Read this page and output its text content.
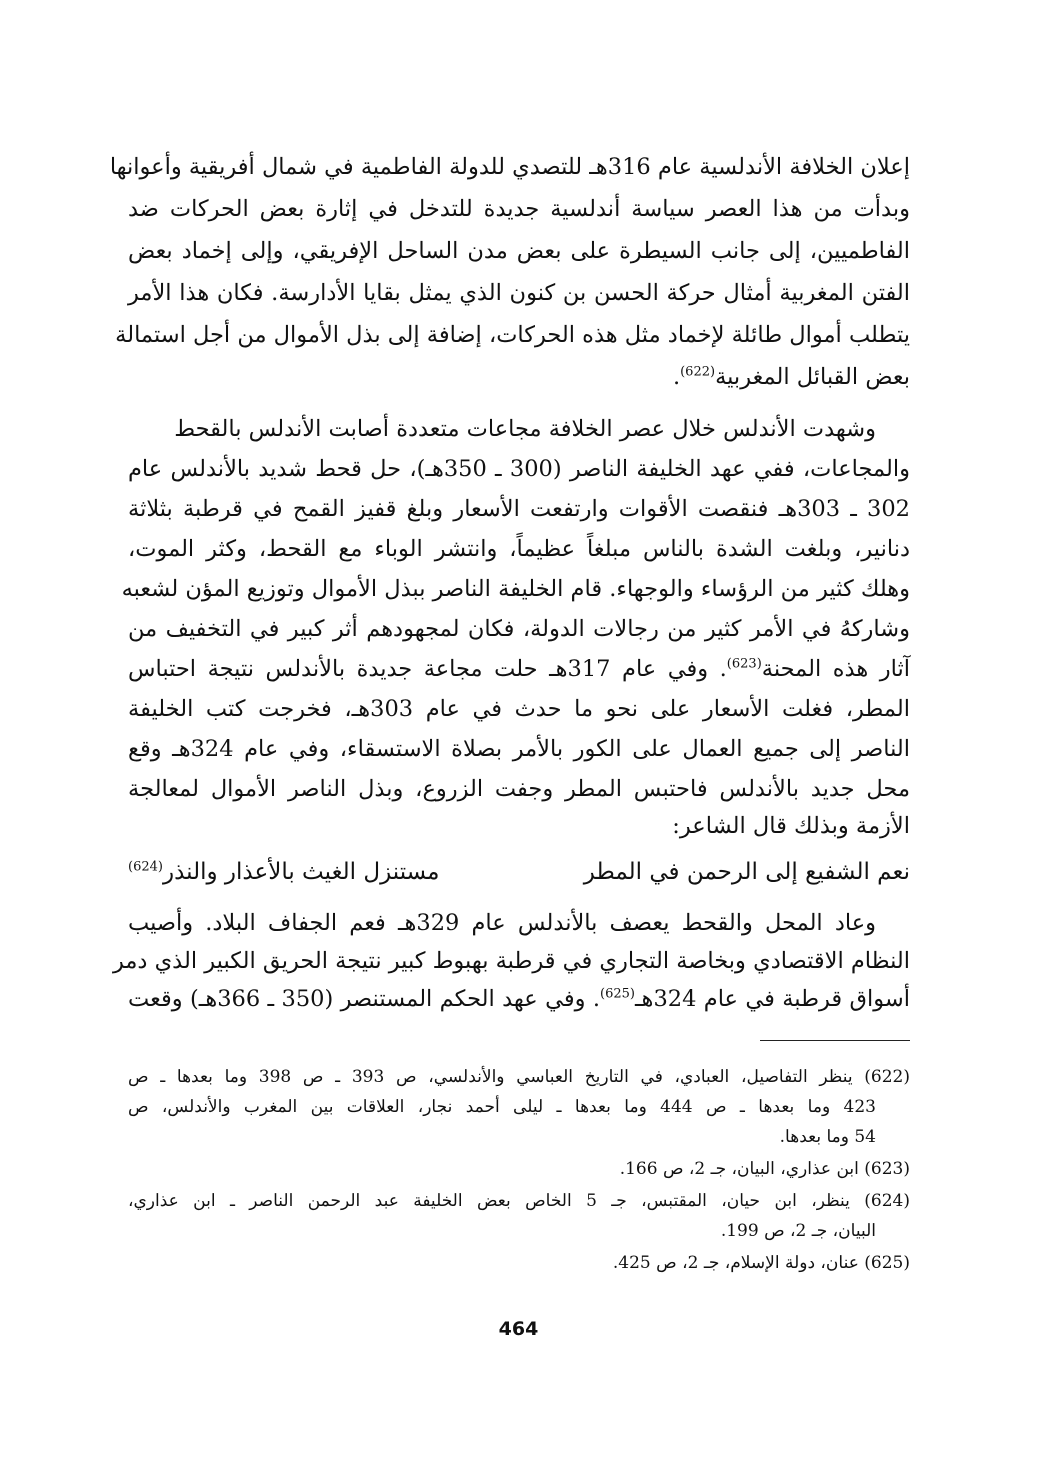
إعلان الخلافة الأندلسية عام 316هـ للتصدي للدولة الفاطمية في شمال أفريقية وأعوانها
وبدأت من هذا العصر سياسة أندلسية جديدة للتدخل في إثارة بعض الحركات ضد
الفاطميين، إلى جانب السيطرة على بعض مدن الساحل الإفريقي، وإلى إخماد بعض
الفتن المغربية أمثال حركة الحسن بن كنون الذي يمثل بقايا الأدارسة. فكان هذا الأمر
يتطلب أموال طائلة لإخماد مثل هذه الحركات، إضافة إلى بذل الأموال من أجل استمالة
بعض القبائل المغربية$^{(622)}$.
وشهدت الأندلس خلال عصر الخلافة مجاعات متعددة أصابت الأندلس بالقحط
والمجاعات، ففي عهد الخليفة الناصر (300 ـ 350هـ)، حل قحط شديد بالأندلس عام
302 ـ 303هـ فنقصت الأقوات وارتفعت الأسعار وبلغ قفيز القمح في قرطبة بثلاثة
دنانير، وبلغت الشدة بالناس مبلغاً عظيماً، وانتشر الوباء مع القحط، وكثر الموت،
وهلك كثير من الرؤساء والوجهاء. قام الخليفة الناصر ببذل الأموال وتوزيع المؤن لشعبه
وشاركهُ في الأمر كثير من رجالات الدولة، فكان لمجهودهم أثر كبير في التخفيف من
آثار هذه المحنة$^{(623)}$. وفي عام 317هـ حلت مجاعة جديدة بالأندلس نتيجة احتباس
المطر، فغلت الأسعار على نحو ما حدث في عام 303هـ، فخرجت كتب الخليفة
الناصر إلى جميع العمال على الكور بالأمر بصلاة الاستسقاء، وفي عام 324هـ وقع
محل جديد بالأندلس فاحتبس المطر وجفت الزروع، وبذل الناصر الأموال لمعالجة
الأزمة وبذلك قال الشاعر:
نعم الشفيع إلى الرحمن في المطر
مستنزل الغيث بالأعذار والنذر$^{(624)}$
وعاد المحل والقحط يعصف بالأندلس عام 329هـ فعم الجفاف البلاد. وأصيب
النظام الاقتصادي وبخاصة التجاري في قرطبة بهبوط كبير نتيجة الحريق الكبير الذي دمر
أسواق قرطبة في عام 324هـ$^{(625)}$. وفي عهد الحكم المستنصر (350 ـ 366هـ) وقعت
(622) ينظر التفاصيل، العبادي، في التاريخ العباسي والأندلسي، ص 393 ـ ص 398 وما بعدها ـ ص
423 وما بعدها ـ ص 444 وما بعدها ـ ليلى أحمد نجار، العلاقات بين المغرب والأندلس، ص
54 وما بعدها.
(623) ابن عذاري، البيان، جـ 2، ص 166.
(624) ينظر، ابن حيان، المقتبس، جـ 5 الخاص بعض الخليفة عبد الرحمن الناصر ـ ابن عذاري،
البيان، جـ 2، ص 199.
(625) عنان، دولة الإسلام، جـ 2، ص 425.
464
